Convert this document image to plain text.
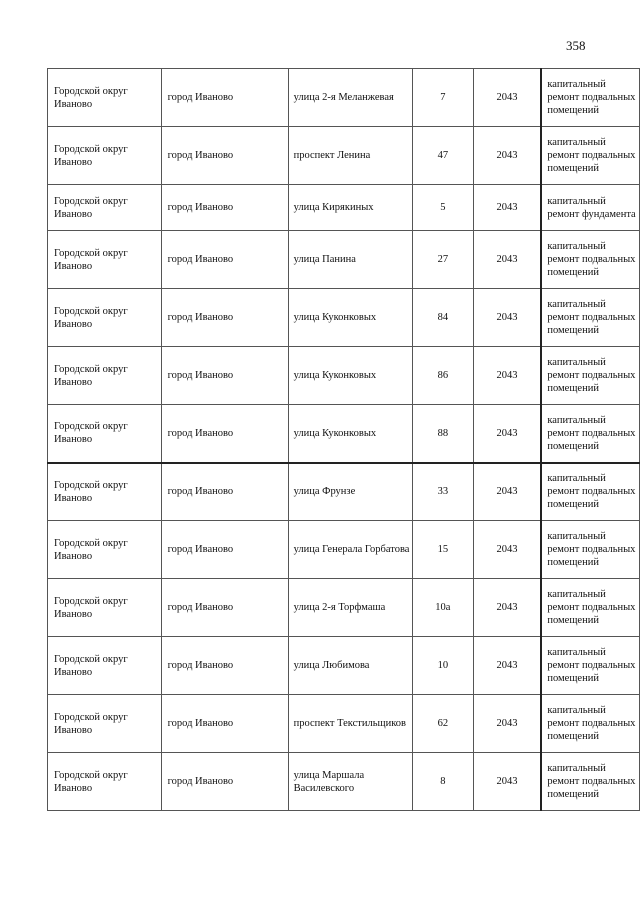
358
Городской округ Иваново	город Иваново	улица 2-я Меланжевая	7	2043	капитальный ремонт подвальных помещений
Городской округ Иваново	город Иваново	проспект Ленина	47	2043	капитальный ремонт подвальных помещений
Городской округ Иваново	город Иваново	улица Кирякиных	5	2043	капитальный ремонт фундамента
Городской округ Иваново	город Иваново	улица Панина	27	2043	капитальный ремонт подвальных помещений
Городской округ Иваново	город Иваново	улица Куконковых	84	2043	капитальный ремонт подвальных помещений
Городской округ Иваново	город Иваново	улица Куконковых	86	2043	капитальный ремонт подвальных помещений
Городской округ Иваново	город Иваново	улица Куконковых	88	2043	капитальный ремонт подвальных помещений
Городской округ Иваново	город Иваново	улица Фрунзе	33	2043	капитальный ремонт подвальных помещений
Городской округ Иваново	город Иваново	улица Генерала Горбатова	15	2043	капитальный ремонт подвальных помещений
Городской округ Иваново	город Иваново	улица 2-я Торфмаша	10а	2043	капитальный ремонт подвальных помещений
Городской округ Иваново	город Иваново	улица Любимова	10	2043	капитальный ремонт подвальных помещений
Городской округ Иваново	город Иваново	проспект Текстильщиков	62	2043	капитальный ремонт подвальных помещений
Городской округ Иваново	город Иваново	улица Маршала Василевского	8	2043	капитальный ремонт подвальных помещений
